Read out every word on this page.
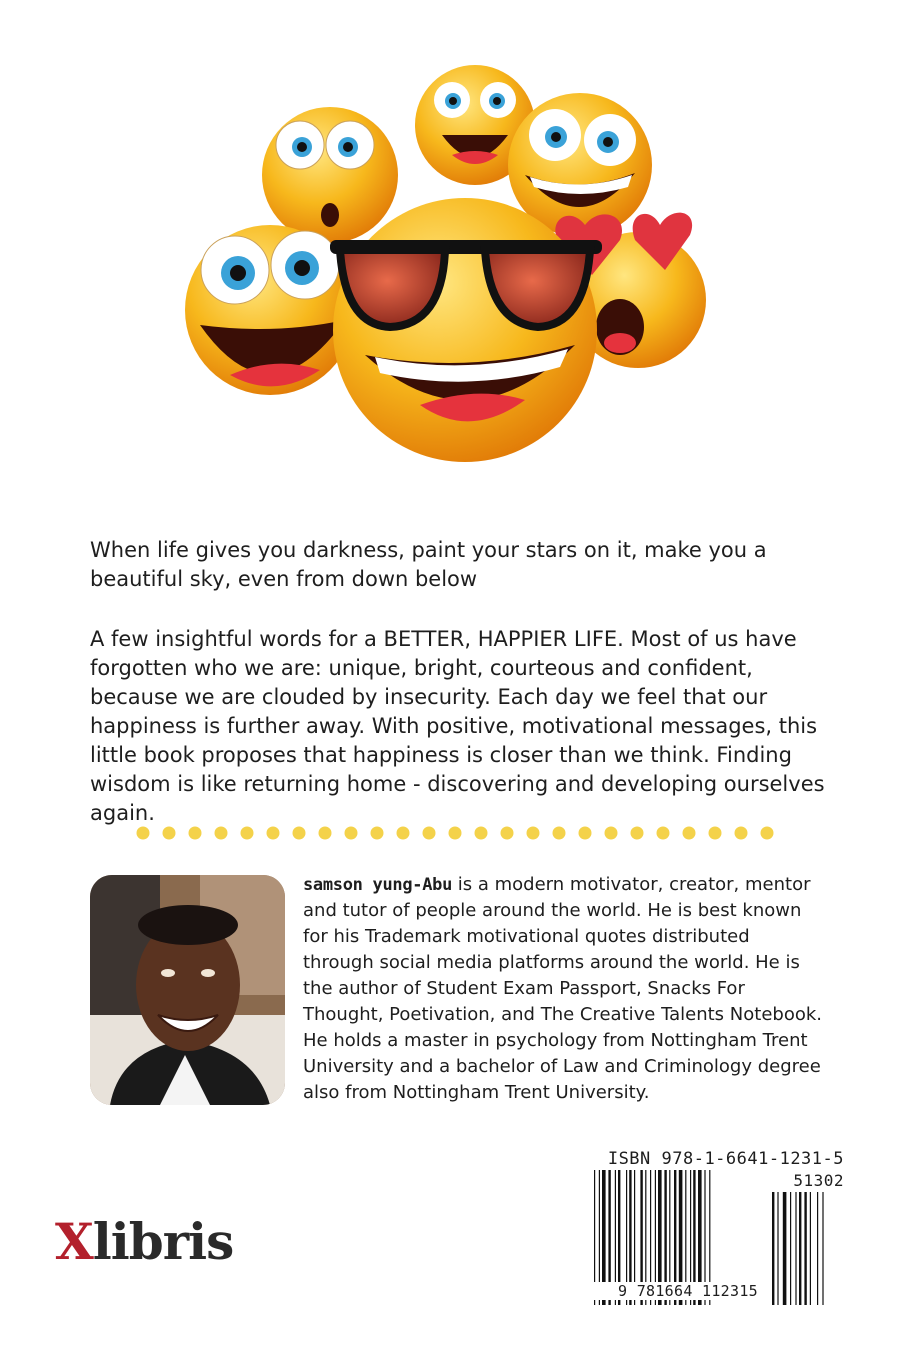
When life gives you darkness, paint your stars on it, make you a beautiful sky, even from down below

A few insightful words for a BETTER, HAPPIER LIFE. Most of us have forgotten who we are: unique, bright, courteous and confident, because we are clouded by insecurity. Each day we feel that our happiness is further away. With positive, motivational messages, this little book proposes that happiness is closer than we think. Finding wisdom is like returning home - discovering and developing ourselves again.

samson yung-Abu is a modern motivator, creator, mentor and tutor of people around the world. He is best known for his Trademark motivational quotes distributed through social media platforms around the world. He is the author of Student Exam Passport, Snacks For Thought, Poetivation, and The Creative Talents Notebook. He holds a master in psychology from Nottingham Trent University and a bachelor of Law and Criminology degree also from Nottingham Trent University.

Xlibris
ISBN 978-1-6641-1231-5
9 781664 112315
51302
